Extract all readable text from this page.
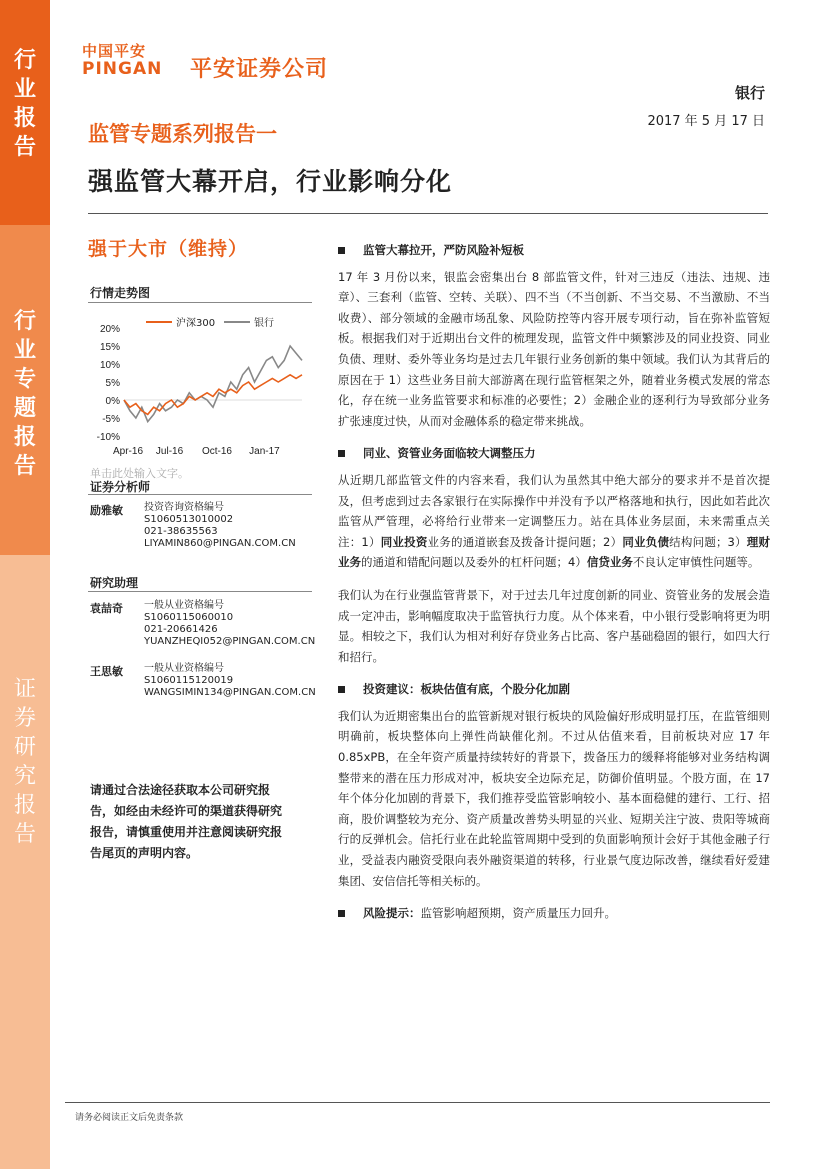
行
业
报
告
行
业
专
题
报
告
证
券
研
究
报
告
中国平安
PINGAN 平安证券公司
银行
2017 年 5 月 17 日
监管专题系列报告一
强监管大幕开启，行业影响分化
强于大市（维持）
行情走势图
20%
15%
10%
5%
0%
-5%
-10%
Apr-16 Jul-16 Oct-16 Jan-17
沪深300	银行
单击此处输入文字。
证券分析师
励雅敏 投资咨询资格编号
S1060513010002
021-38635563
LIYAMIN860@PINGAN.COM.CN
研究助理
袁喆奇 一般从业资格编号
S1060115060010
021-20661426
YUANZHEQI052@PINGAN.COM.CN
王思敏 一般从业资格编号
S1060115120019
WANGSIMIN134@PINGAN.COM.CN
请通过合法途径获取本公司研究报告，如经由未经许可的渠道获得研究报告，请慎重使用并注意阅读研究报告尾页的声明内容。
监管大幕拉开，严防风险补短板

17 年 3 月份以来，银监会密集出台 8 部监管文件，针对三违反（违法、违规、违章）、三套利（监管、空转、关联）、四不当（不当创新、不当交易、不当激励、不当收费）、部分领域的金融市场乱象、风险防控等内容开展专项行动，旨在弥补监管短板。根据我们对于近期出台文件的梳理发现，监管文件中频繁涉及的同业投资、同业负债、理财、委外等业务均是过去几年银行业务创新的集中领域。我们认为其背后的原因在于 1）这些业务目前大部游离在现行监管框架之外，随着业务模式发展的常态化，存在统一业务监管要求和标准的必要性；2）金融企业的逐利行为导致部分业务扩张速度过快，从而对金融体系的稳定带来挑战。

同业、资管业务面临较大调整压力

从近期几部监管文件的内容来看，我们认为虽然其中绝大部分的要求并不是首次提及，但考虑到过去各家银行在实际操作中并没有予以严格落地和执行，因此如若此次监管从严管理，必将给行业带来一定调整压力。站在具体业务层面，未来需重点关注：1）同业投资业务的通道嵌套及拨备计提问题；2）同业负债结构问题；3）理财业务的通道和错配问题以及委外的杠杆问题；4）信贷业务不良认定审慎性问题等。

我们认为在行业强监管背景下，对于过去几年过度创新的同业、资管业务的发展会造成一定冲击，影响幅度取决于监管执行力度。从个体来看，中小银行受影响将更为明显。相较之下，我们认为相对利好存贷业务占比高、客户基础稳固的银行，如四大行和招行。

投资建议：板块估值有底，个股分化加剧

我们认为近期密集出台的监管新规对银行板块的风险偏好形成明显打压，在监管细则明确前，板块整体向上弹性尚缺催化剂。不过从估值来看，目前板块对应 17 年 0.85xPB，在全年资产质量持续转好的背景下，拨备压力的缓释将能够对业务结构调整带来的潜在压力形成对冲，板块安全边际充足，防御价值明显。个股方面，在 17 年个体分化加剧的背景下，我们推荐受监管影响较小、基本面稳健的建行、工行、招商，股价调整较为充分、资产质量改善势头明显的兴业、短期关注宁波、贵阳等城商行的反弹机会。信托行业在此轮监管周期中受到的负面影响预计会好于其他金融子行业，受益表内融资受限向表外融资渠道的转移，行业景气度边际改善，继续看好爱建集团、安信信托等相关标的。

风险提示： 监管影响超预期，资产质量压力回升。
请务必阅读正文后免责条款
